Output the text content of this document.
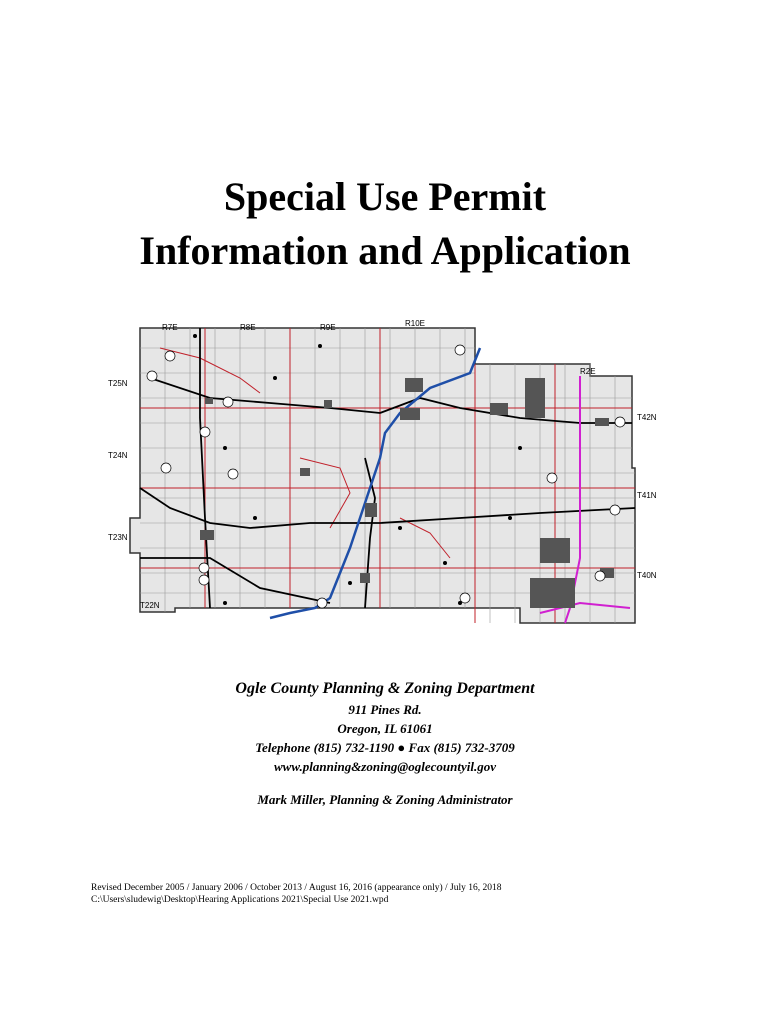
Special Use Permit
Information and Application
R7E	R8E	R9E	R10E
R2E
T25N
T24N
T23N
T22N
T42N
T41N
T40N
Ogle County Planning & Zoning Department
911 Pines Rd.
Oregon, IL 61061
Telephone (815) 732-1190 ● Fax (815) 732-3709
www.planning&zoning@oglecountyil.gov
Mark Miller, Planning & Zoning Administrator
Revised December 2005 / January 2006 / October 2013 / August 16, 2016 (appearance only) / July 16, 2018
C:\Users\sludewig\Desktop\Hearing Applications 2021\Special Use 2021.wpd
